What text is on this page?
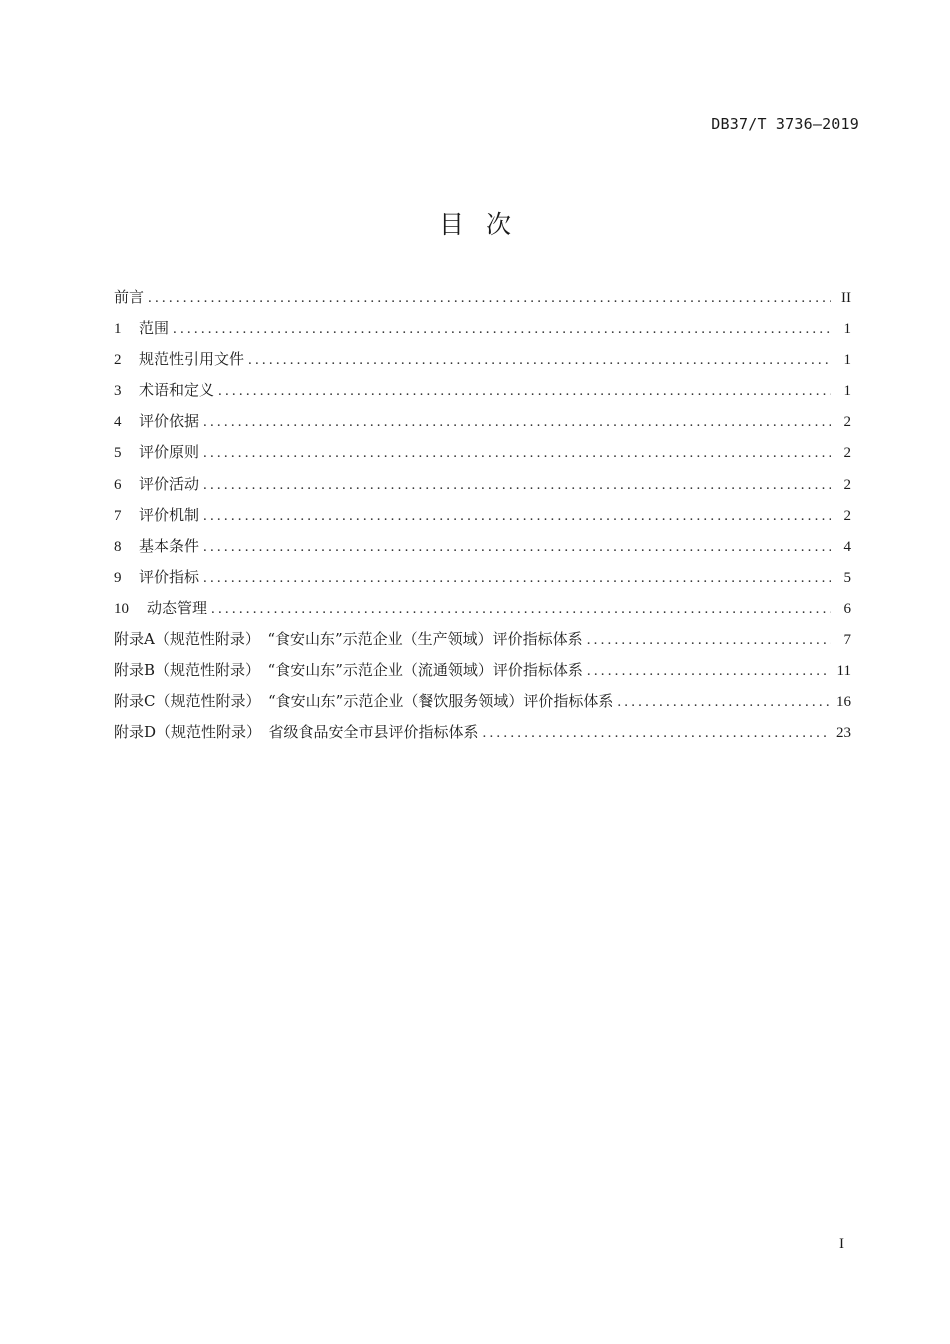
DB37/T 3736—2019
目次
前言 .....	II
1	范围 .....	1
2	规范性引用文件 .....	1
3	术语和定义 .....	1
4	评价依据 .....	2
5	评价原则 .....	2
6	评价活动 .....	2
7	评价机制 .....	2
8	基本条件 .....	4
9	评价指标 .....	5
10	动态管理 .....	6
附录A（规范性附录）　“食安山东”示范企业（生产领域）评价指标体系 .....	7
附录B（规范性附录）　“食安山东”示范企业（流通领域）评价指标体系 .....	11
附录C（规范性附录）　“食安山东”示范企业（餐饮服务领域）评价指标体系 .....	16
附录D（规范性附录）　省级食品安全市县评价指标体系 .....	23
I
